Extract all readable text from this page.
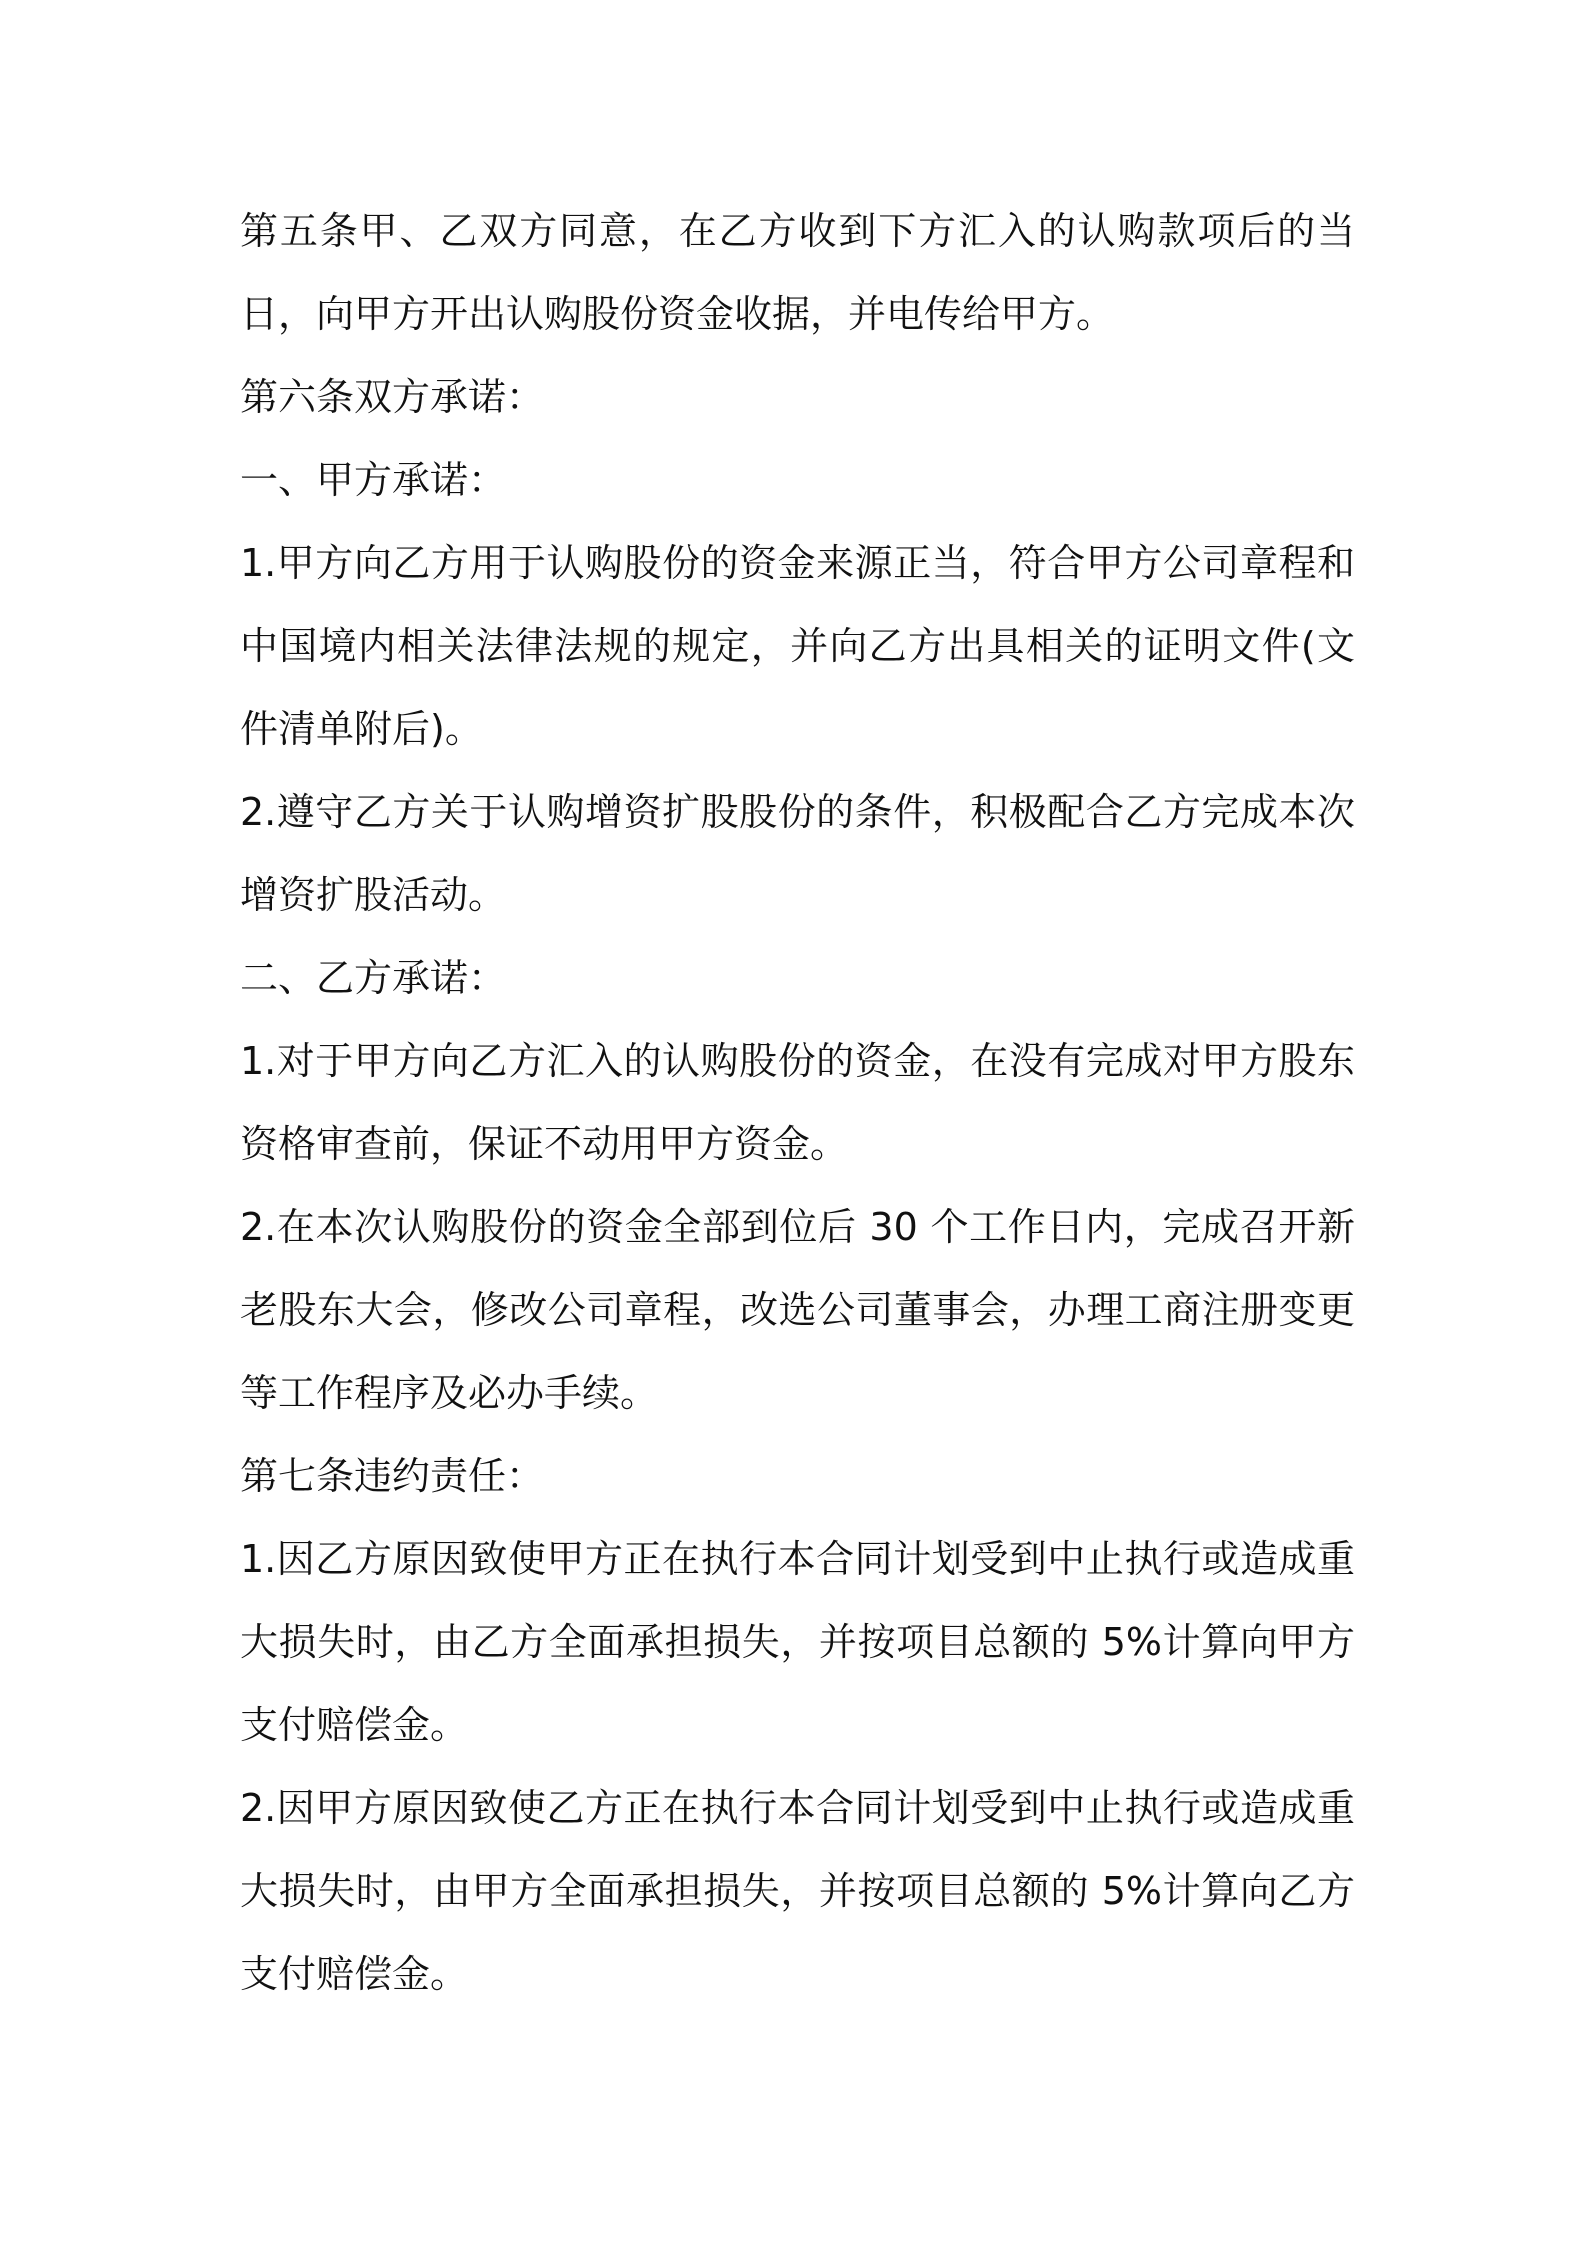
第五条甲、乙双方同意，在乙方收到下方汇入的认购款项后的当日，向甲方开出认购股份资金收据，并电传给甲方。

第六条双方承诺：

一、甲方承诺：

1.甲方向乙方用于认购股份的资金来源正当，符合甲方公司章程和中国境内相关法律法规的规定，并向乙方出具相关的证明文件(文件清单附后)。

2.遵守乙方关于认购增资扩股股份的条件，积极配合乙方完成本次增资扩股活动。

二、乙方承诺：

1.对于甲方向乙方汇入的认购股份的资金，在没有完成对甲方股东资格审查前，保证不动用甲方资金。

2.在本次认购股份的资金全部到位后 30 个工作日内，完成召开新老股东大会，修改公司章程，改选公司董事会，办理工商注册变更等工作程序及必办手续。

第七条违约责任：

1.因乙方原因致使甲方正在执行本合同计划受到中止执行或造成重大损失时，由乙方全面承担损失，并按项目总额的 5%计算向甲方支付赔偿金。

2.因甲方原因致使乙方正在执行本合同计划受到中止执行或造成重大损失时，由甲方全面承担损失，并按项目总额的 5%计算向乙方支付赔偿金。
